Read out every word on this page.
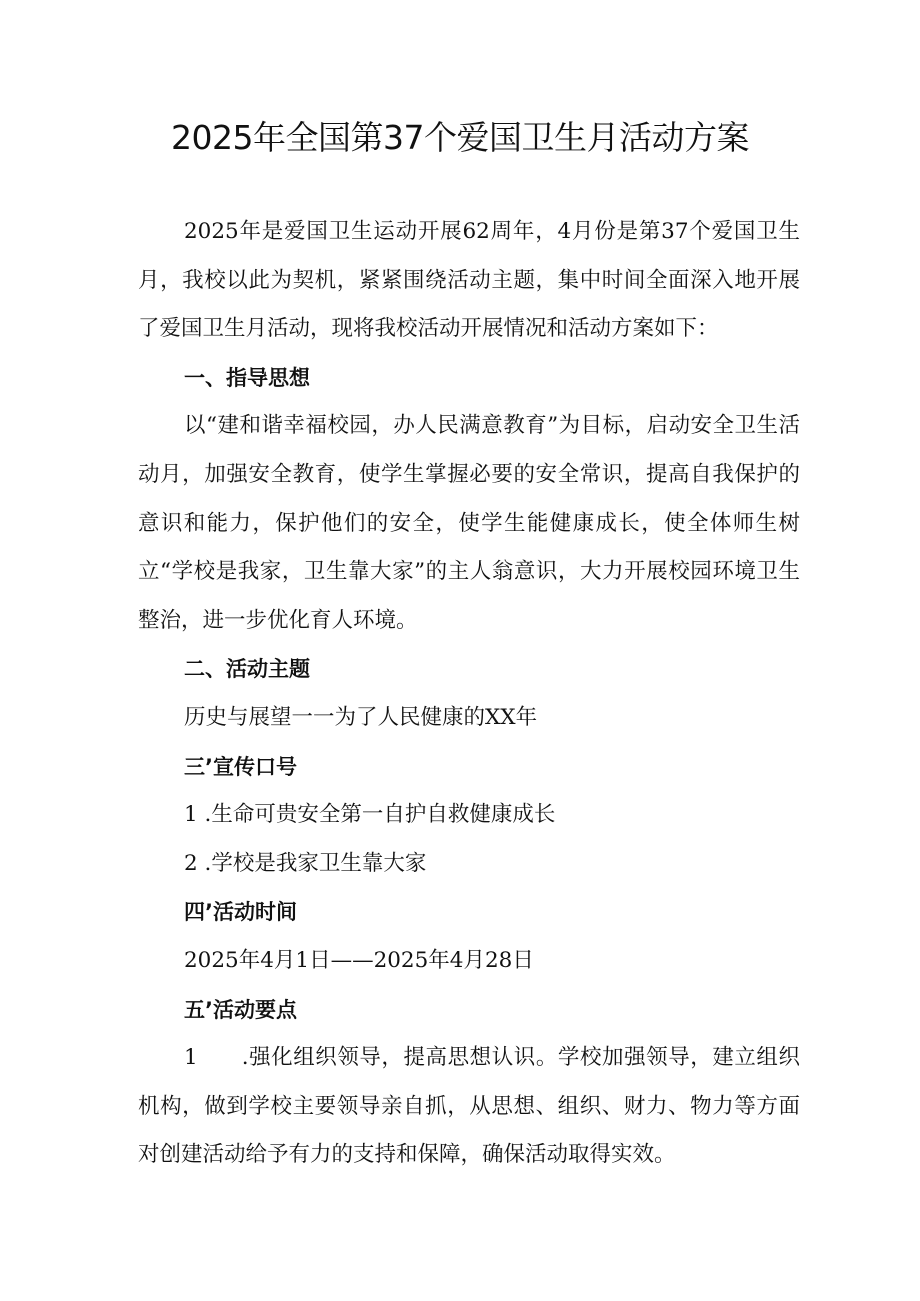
2025年全国第37个爱国卫生月活动方案

2025年是爱国卫生运动开展62周年，4月份是第37个爱国卫生月，我校以此为契机，紧紧围绕活动主题，集中时间全面深入地开展了爱国卫生月活动，现将我校活动开展情况和活动方案如下：

一、指导思想

以“建和谐幸福校园，办人民满意教育”为目标，启动安全卫生活动月，加强安全教育，使学生掌握必要的安全常识，提高自我保护的意识和能力，保护他们的安全，使学生能健康成长，使全体师生树立“学校是我家，卫生靠大家”的主人翁意识，大力开展校园环境卫生整治，进一步优化育人环境。

二、活动主题

历史与展望一一为了人民健康的XX年

三’宣传口号

1 .生命可贵安全第一自护自救健康成长

2 .学校是我家卫生靠大家

四’活动时间

2025年4月1日——2025年4月28日

五’活动要点

1 .强化组织领导，提高思想认识。学校加强领导，建立组织机构，做到学校主要领导亲自抓，从思想、组织、财力、物力等方面对创建活动给予有力的支持和保障，确保活动取得实效。
